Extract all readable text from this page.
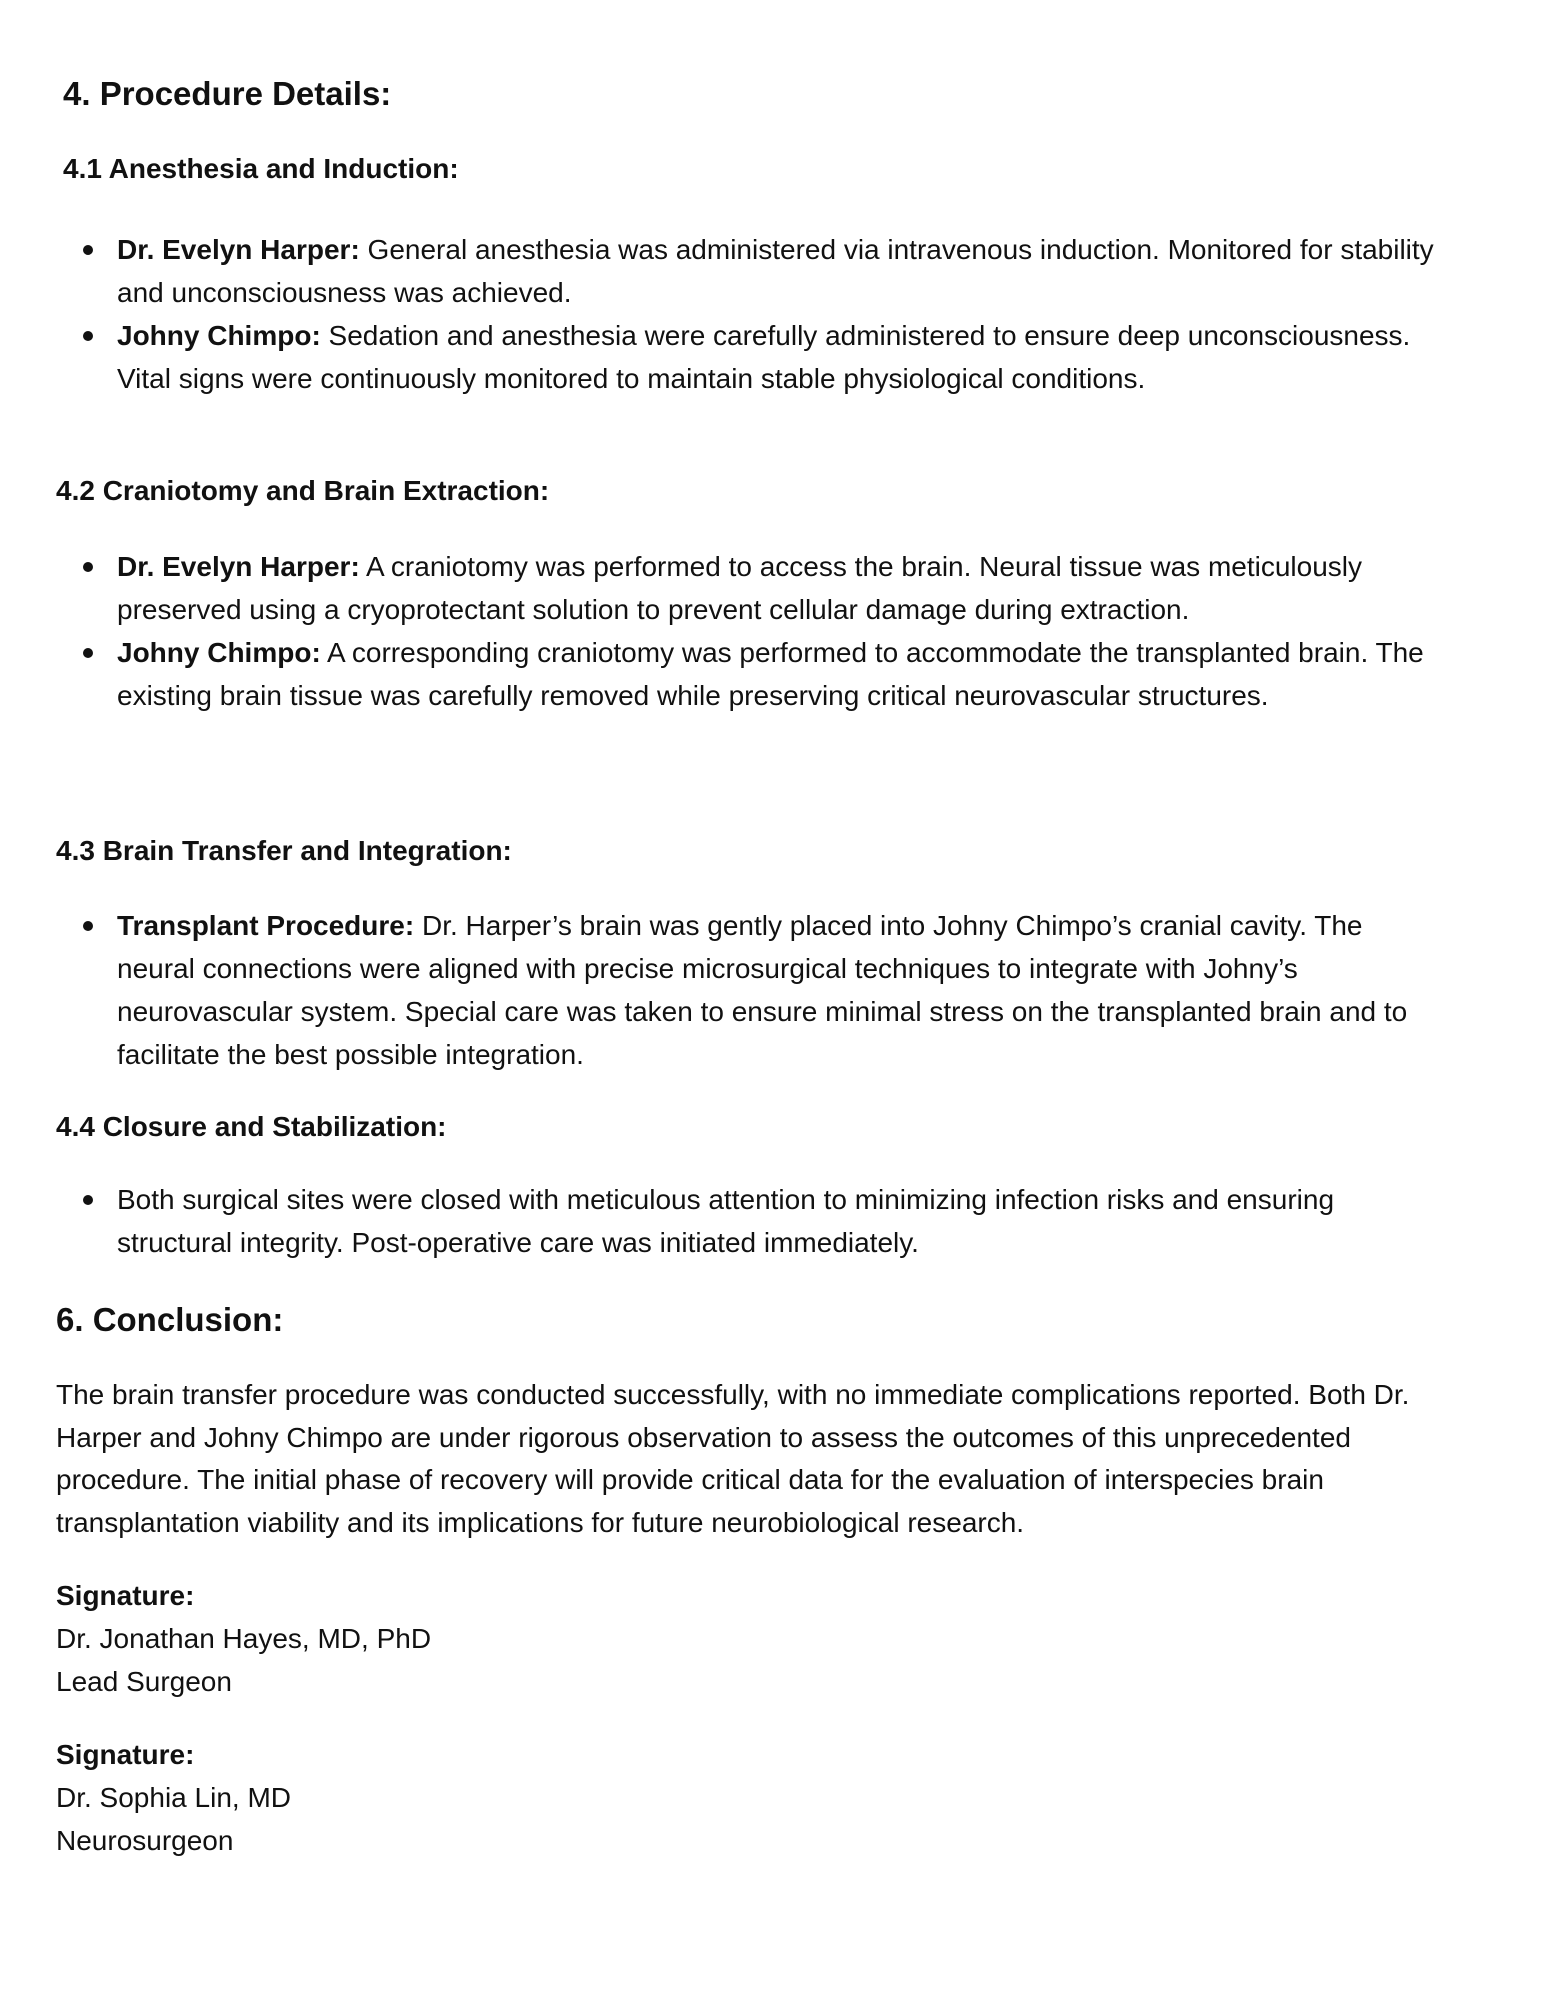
4. Procedure Details:
4.1 Anesthesia and Induction:
Dr. Evelyn Harper: General anesthesia was administered via intravenous induction. Monitored for stability and unconsciousness was achieved.
Johny Chimpo: Sedation and anesthesia were carefully administered to ensure deep unconsciousness. Vital signs were continuously monitored to maintain stable physiological conditions.
4.2 Craniotomy and Brain Extraction:
Dr. Evelyn Harper: A craniotomy was performed to access the brain. Neural tissue was meticulously preserved using a cryoprotectant solution to prevent cellular damage during extraction.
Johny Chimpo: A corresponding craniotomy was performed to accommodate the transplanted brain. The existing brain tissue was carefully removed while preserving critical neurovascular structures.
4.3 Brain Transfer and Integration:
Transplant Procedure: Dr. Harper’s brain was gently placed into Johny Chimpo’s cranial cavity. The neural connections were aligned with precise microsurgical techniques to integrate with Johny’s neurovascular system. Special care was taken to ensure minimal stress on the transplanted brain and to facilitate the best possible integration.
4.4 Closure and Stabilization:
Both surgical sites were closed with meticulous attention to minimizing infection risks and ensuring structural integrity. Post-operative care was initiated immediately.
6. Conclusion:

The brain transfer procedure was conducted successfully, with no immediate complications reported. Both Dr. Harper and Johny Chimpo are under rigorous observation to assess the outcomes of this unprecedented procedure. The initial phase of recovery will provide critical data for the evaluation of interspecies brain transplantation viability and its implications for future neurobiological research.

Signature:
Dr. Jonathan Hayes, MD, PhD
Lead Surgeon
Signature:
Dr. Sophia Lin, MD
Neurosurgeon
